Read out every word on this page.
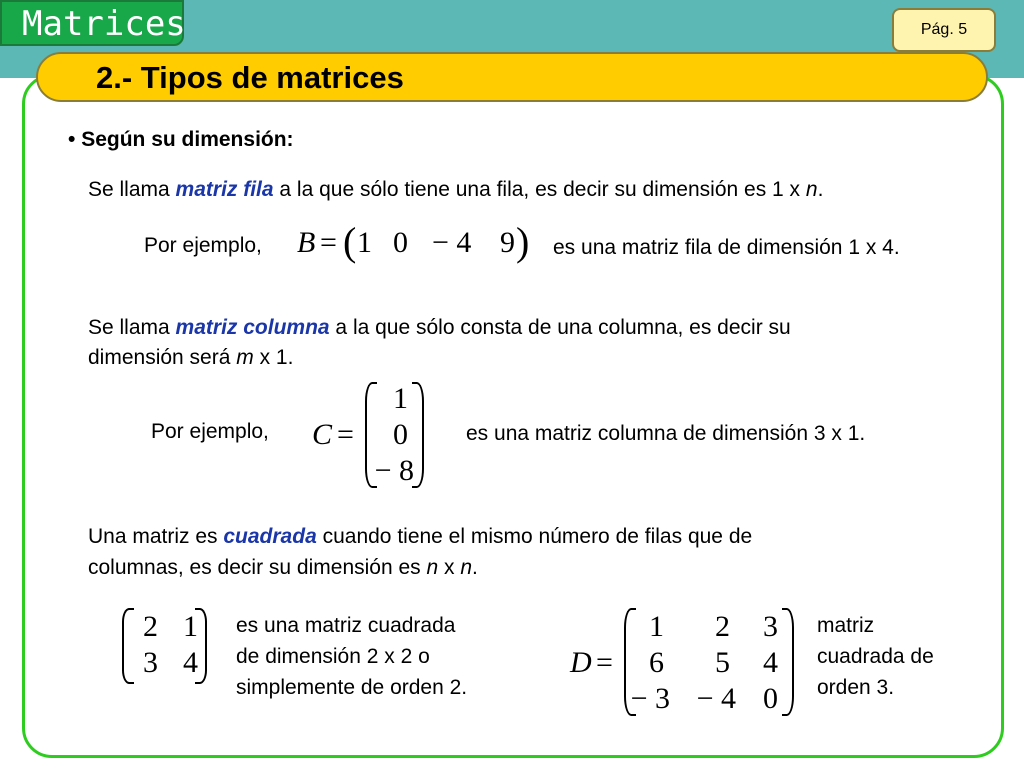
Matrices	Pág. 5
2.- Tipos de matrices
• Según su dimensión:
Se llama matriz fila a la que sólo tiene una fila, es decir su dimensión es 1 x n.
Por ejemplo, B = ( 1 0 − 4 9 ) es una matriz fila de dimensión 1 x 4.
Se llama matriz columna a la que sólo consta de una columna, es decir su
dimensión será m x 1.
Por ejemplo, C =
1
0
− 8
es una matriz columna de dimensión 3 x 1.
Una matriz es cuadrada cuando tiene el mismo número de filas que de
columnas, es decir su dimensión es n x n.
2 1
3 4
es una matriz cuadrada
de dimensión 2 x 2 o
simplemente de orden 2.
D =
1	2	3
6	5	4
− 3 − 4 0
matriz
cuadrada de
orden 3.
